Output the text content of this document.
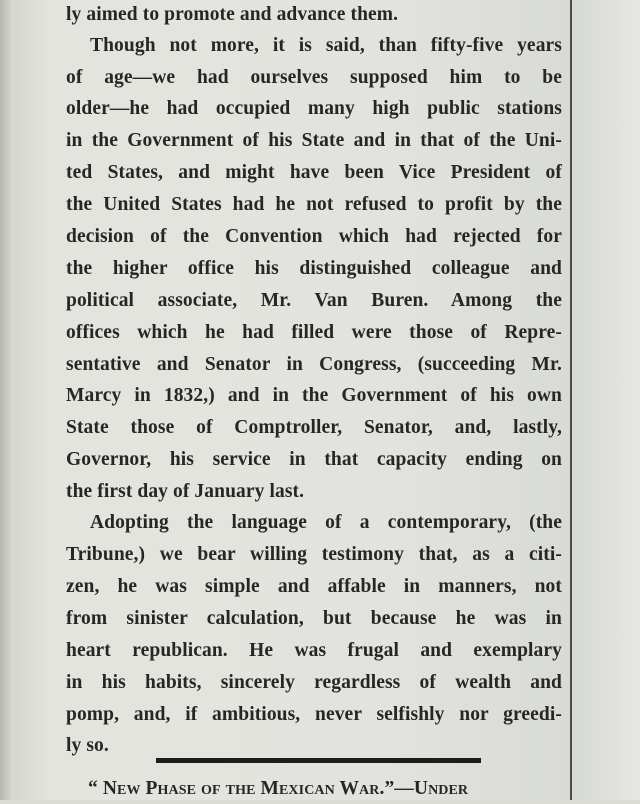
ly aimed to promote and advance them.
Though not more, it is said, than fifty-five years
of age—we had ourselves supposed him to be
older—he had occupied many high public stations
in the Government of his State and in that of the Uni-
ted States, and might have been Vice President of
the United States had he not refused to profit by the
decision of the Convention which had rejected for
the higher office his distinguished colleague and
political associate, Mr. Van Buren. Among the
offices which he had filled were those of Repre-
sentative and Senator in Congress, (succeeding Mr.
Marcy in 1832,) and in the Government of his own
State those of Comptroller, Senator, and, lastly,
Governor, his service in that capacity ending on
the first day of January last.
Adopting the language of a contemporary, (the
Tribune,) we bear willing testimony that, as a citi-
zen, he was simple and affable in manners, not
from sinister calculation, but because he was in
heart republican. He was frugal and exemplary
in his habits, sincerely regardless of wealth and
pomp, and, if ambitious, never selfishly nor greedi-
ly so.
“ New Phase of the Mexican War.”—Under
